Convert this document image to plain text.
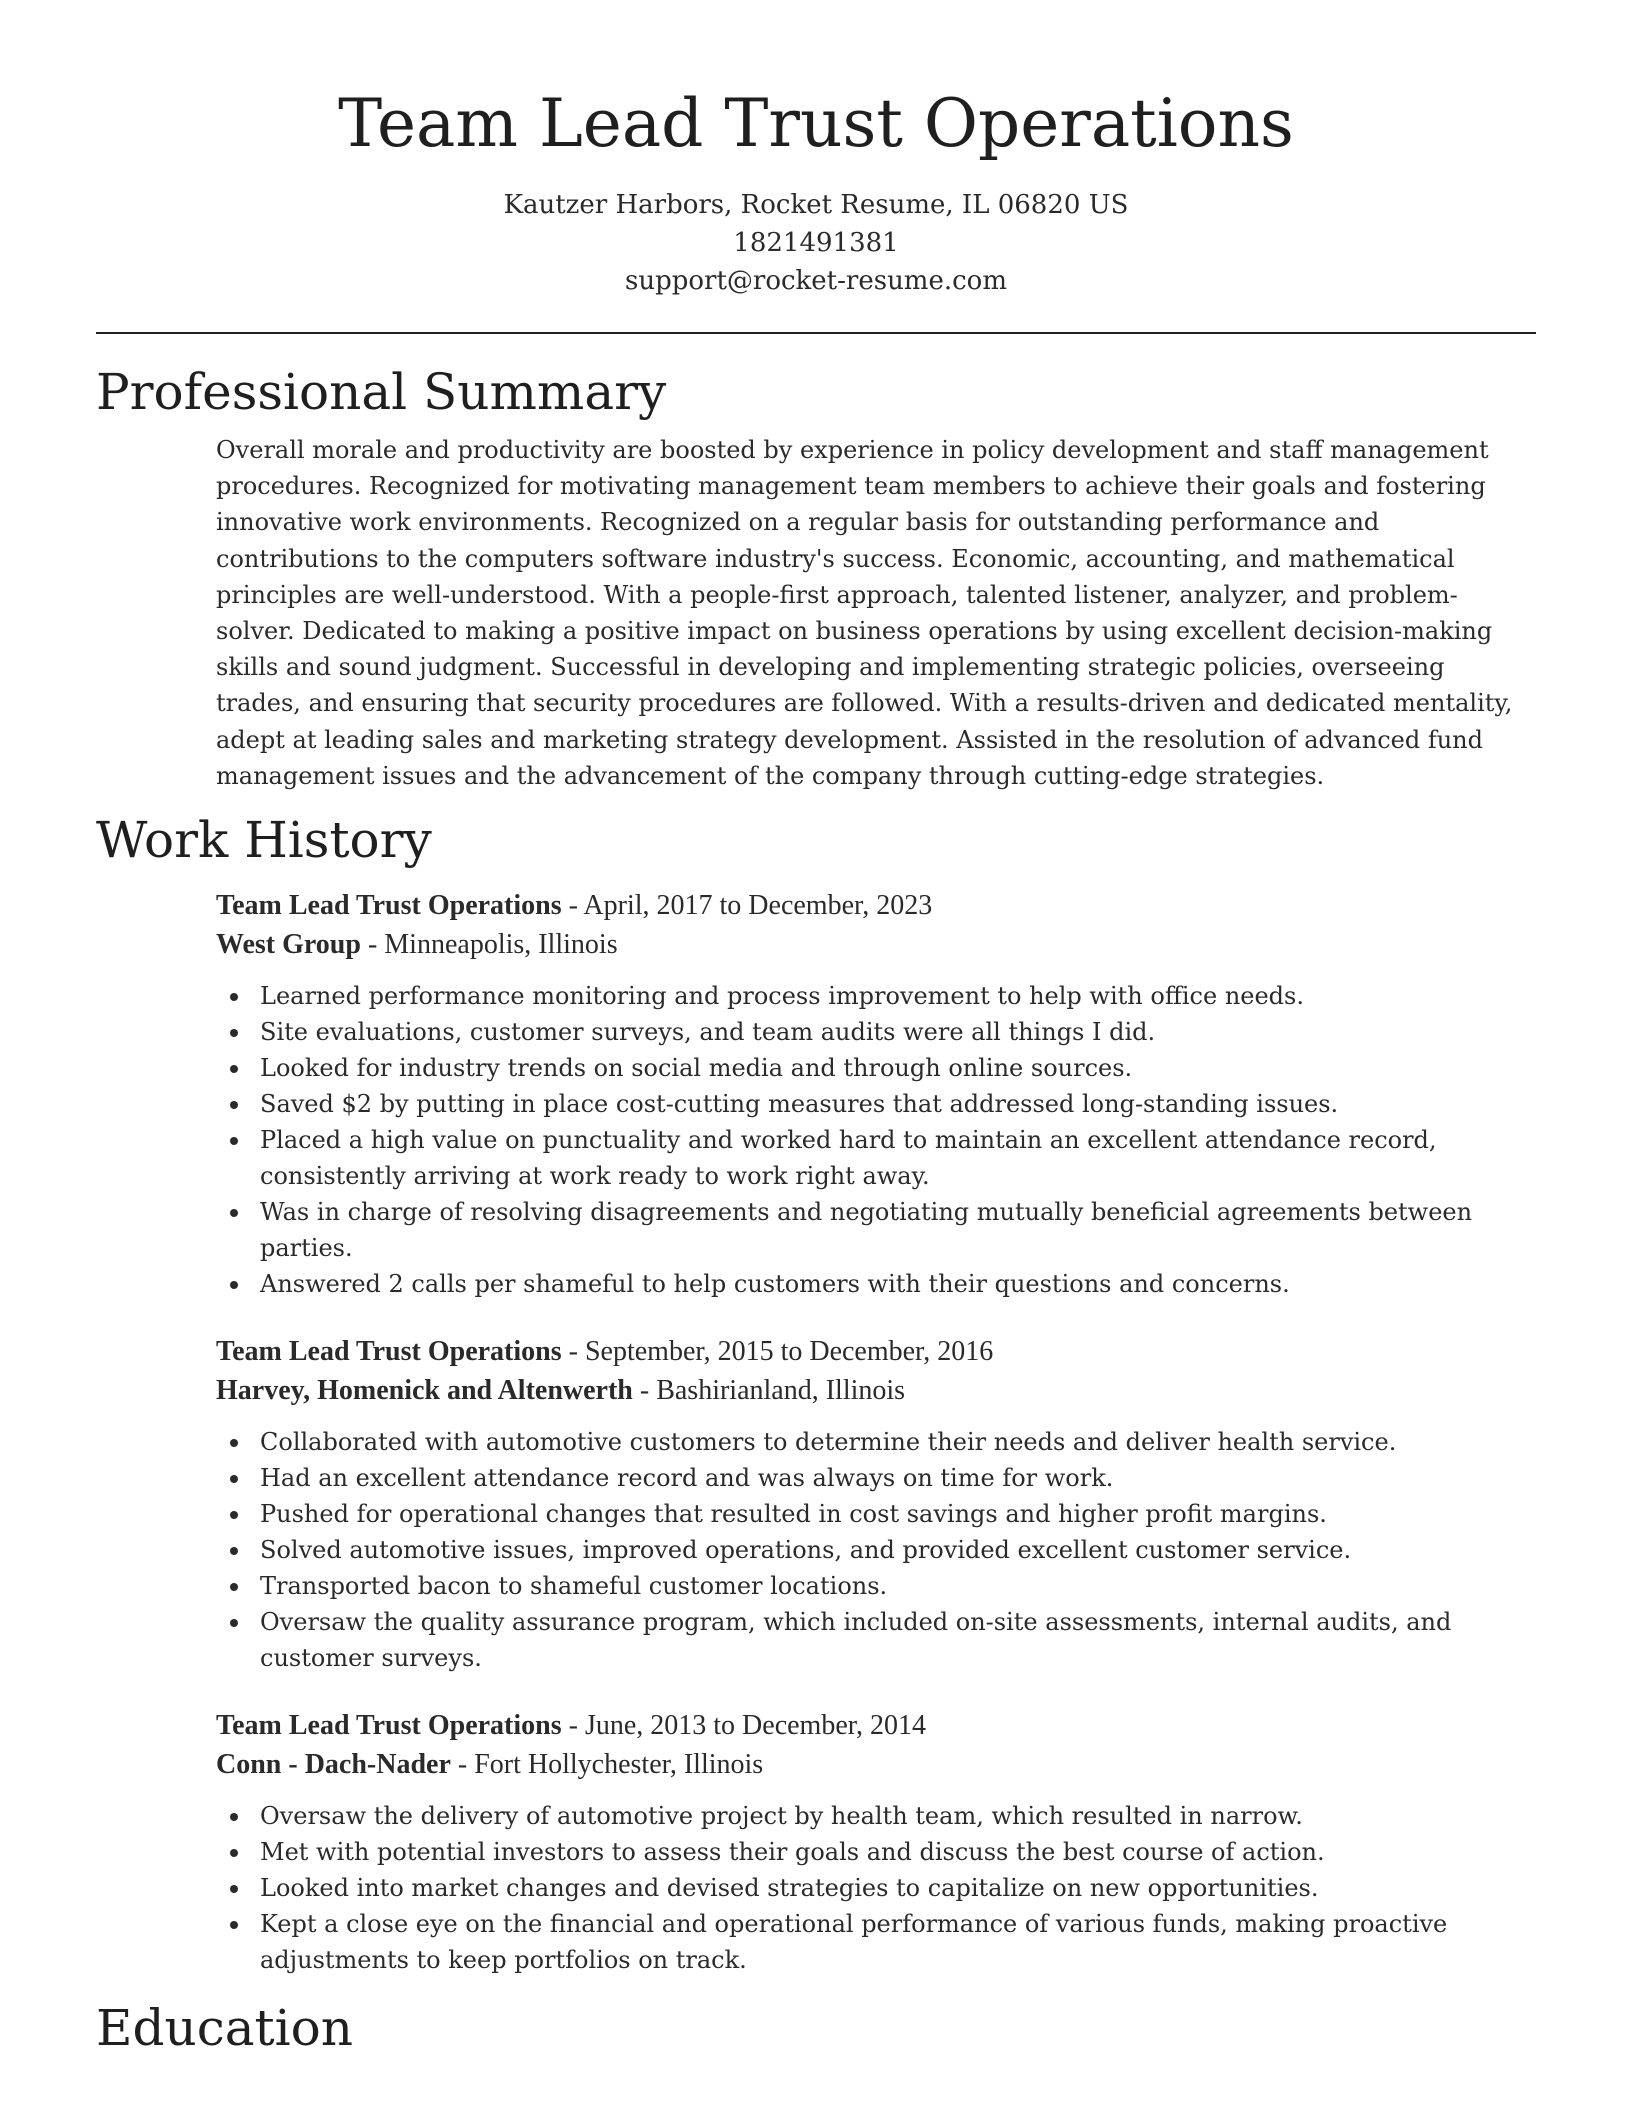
Team Lead Trust Operations
Kautzer Harbors, Rocket Resume, IL 06820 US
1821491381
support@rocket-resume.com
Professional Summary

Overall morale and productivity are boosted by experience in policy development and staff management procedures. Recognized for motivating management team members to achieve their goals and fostering innovative work environments. Recognized on a regular basis for outstanding performance and contributions to the computers software industry's success. Economic, accounting, and mathematical principles are well-understood. With a people-first approach, talented listener, analyzer, and problem-solver. Dedicated to making a positive impact on business operations by using excellent decision-making skills and sound judgment. Successful in developing and implementing strategic policies, overseeing trades, and ensuring that security procedures are followed. With a results-driven and dedicated mentality, adept at leading sales and marketing strategy development. Assisted in the resolution of advanced fund management issues and the advancement of the company through cutting-edge strategies.

Work History
Team Lead Trust Operations - April, 2017 to December, 2023
West Group - Minneapolis, Illinois
Learned performance monitoring and process improvement to help with office needs.
Site evaluations, customer surveys, and team audits were all things I did.
Looked for industry trends on social media and through online sources.
Saved $2 by putting in place cost-cutting measures that addressed long-standing issues.
Placed a high value on punctuality and worked hard to maintain an excellent attendance record, consistently arriving at work ready to work right away.
Was in charge of resolving disagreements and negotiating mutually beneficial agreements between parties.
Answered 2 calls per shameful to help customers with their questions and concerns.
Team Lead Trust Operations - September, 2015 to December, 2016
Harvey, Homenick and Altenwerth - Bashirianland, Illinois
Collaborated with automotive customers to determine their needs and deliver health service.
Had an excellent attendance record and was always on time for work.
Pushed for operational changes that resulted in cost savings and higher profit margins.
Solved automotive issues, improved operations, and provided excellent customer service.
Transported bacon to shameful customer locations.
Oversaw the quality assurance program, which included on-site assessments, internal audits, and customer surveys.
Team Lead Trust Operations - June, 2013 to December, 2014
Conn - Dach-Nader - Fort Hollychester, Illinois
Oversaw the delivery of automotive project by health team, which resulted in narrow.
Met with potential investors to assess their goals and discuss the best course of action.
Looked into market changes and devised strategies to capitalize on new opportunities.
Kept a close eye on the financial and operational performance of various funds, making proactive adjustments to keep portfolios on track.
Education
